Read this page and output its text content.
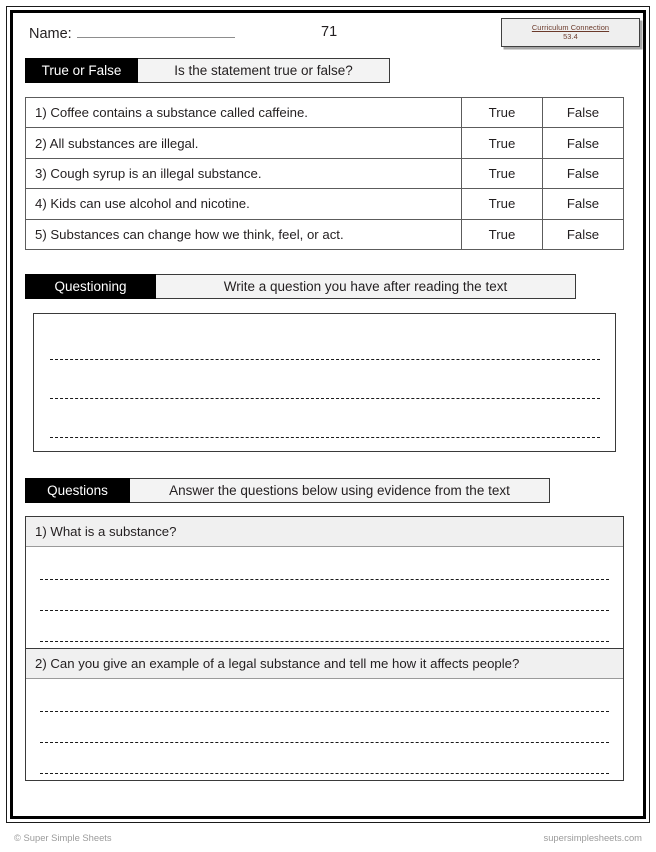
Name:	71	Curriculum Connection
53.4
True or False	Is the statement true or false?
1) Coffee contains a substance called caffeine.	True	False
2) All substances are illegal.	True	False
3) Cough syrup is an illegal substance.	True	False
4) Kids can use alcohol and nicotine.	True	False
5) Substances can change how we think, feel, or act.	True	False
Questioning	Write a question you have after reading the text
Questions	Answer the questions below using evidence from the text
1) What is a substance?
2) Can you give an example of a legal substance and tell me how it affects people?
© Super Simple Sheets	supersimplesheets.com
